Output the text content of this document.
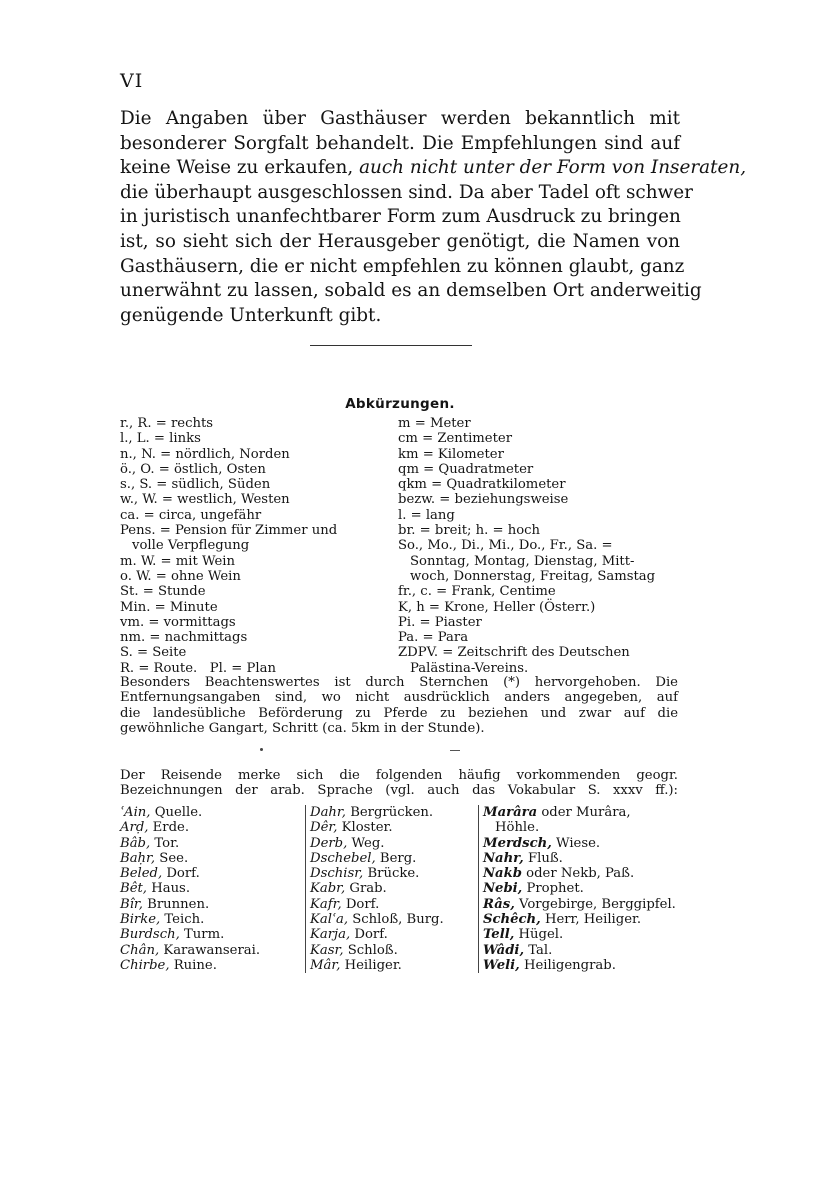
VI
Die Angaben über Gasthäuser werden bekanntlich mit
besonderer Sorgfalt behandelt. Die Empfehlungen sind auf
keine Weise zu erkaufen, auch nicht unter der Form von Inseraten,
die überhaupt ausgeschlossen sind. Da aber Tadel oft schwer
in juristisch unanfechtbarer Form zum Ausdruck zu bringen
ist, so sieht sich der Herausgeber genötigt, die Namen von
Gasthäusern, die er nicht empfehlen zu können glaubt, ganz
unerwähnt zu lassen, sobald es an demselben Ort anderweitig
genügende Unterkunft gibt.
Abkürzungen.
r., R. = rechts
l., L. = links
n., N. = nördlich, Norden
ö., O. = östlich, Osten
s., S. = südlich, Süden
w., W. = westlich, Westen
ca. = circa, ungefähr
Pens. = Pension für Zimmer und
volle Verpflegung
m. W. = mit Wein
o. W. = ohne Wein
St. = Stunde
Min. = Minute
vm. = vormittags
nm. = nachmittags
S. = Seite
R. = Route.   Pl. = Plan
m = Meter
cm = Zentimeter
km = Kilometer
qm = Quadratmeter
qkm = Quadratkilometer
bezw. = beziehungsweise
l. = lang
br. = breit; h. = hoch
So., Mo., Di., Mi., Do., Fr., Sa. =
Sonntag, Montag, Dienstag, Mitt-
woch, Donnerstag, Freitag, Samstag
fr., c. = Frank, Centime
K, h = Krone, Heller (Österr.)
Pi. = Piaster
Pa. = Para
ZDPV. = Zeitschrift des Deutschen
Palästina-Vereins.
Besonders Beachtenswertes ist durch Sternchen (*) hervorgehoben. Die
Entfernungsangaben sind, wo nicht ausdrücklich anders angegeben, auf
die landesübliche Beförderung zu Pferde zu beziehen und zwar auf die
gewöhnliche Gangart, Schritt (ca. 5km in der Stunde).
Der Reisende merke sich die folgenden häufig vorkommenden geogr.
Bezeichnungen der arab. Sprache (vgl. auch das Vokabular S. xxxv ff.):
ʿAin, Quelle.
Arḍ, Erde.
Bâb, Tor.
Baḥr, See.
Beled, Dorf.
Bêt, Haus.
Bîr, Brunnen.
Birke, Teich.
Burdsch, Turm.
Chân, Karawanserai.
Chirbe, Ruine.
Dahr, Bergrücken.
Dêr, Kloster.
Derb, Weg.
Dschebel, Berg.
Dschisr, Brücke.
Kabr, Grab.
Kafr, Dorf.
Kalʿa, Schloß, Burg.
Karja, Dorf.
Kasr, Schloß.
Mâr, Heiliger.
Marâra oder Murâra,
Höhle.
Merdsch, Wiese.
Nahr, Fluß.
Nakb oder Nekb, Paß.
Nebi, Prophet.
Râs, Vorgebirge, Berggipfel.
Schêch, Herr, Heiliger.
Tell, Hügel.
Wâdi, Tal.
Weli, Heiligengrab.
